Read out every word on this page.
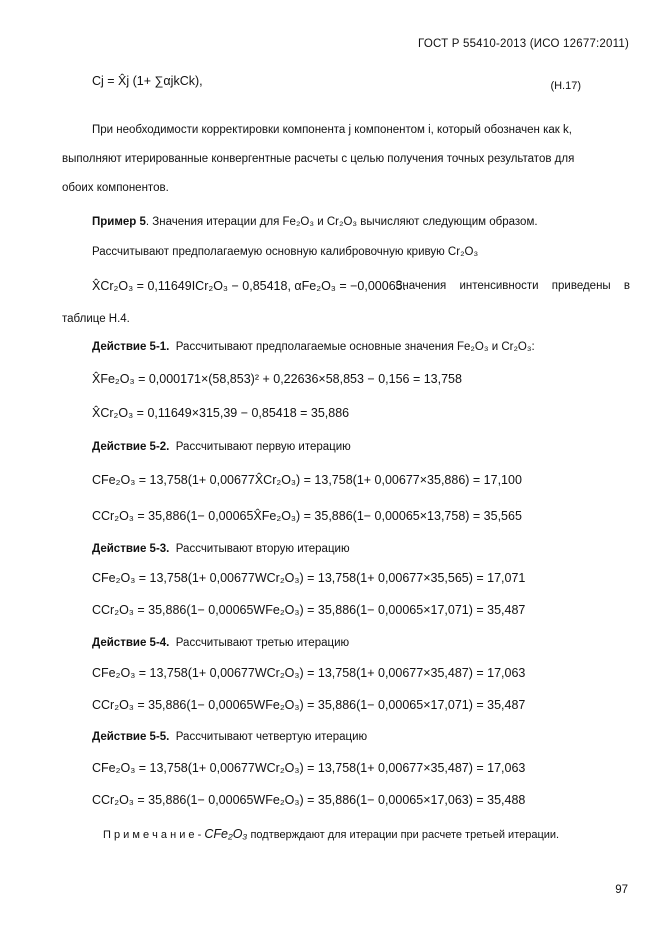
ГОСТ Р 55410-2013 (ИСО 12677:2011)
Cj = X̂j (1+ ∑αjkCk),	(Н.17)
При необходимости корректировки компонента j компонентом i, который обозначен как k,
выполняют итерированные конвергентные расчеты с целью получения точных результатов для
обоих компонентов.
Пример 5. Значения итерации для Fe₂O₃ и Cr₂O₃ вычисляют следующим образом.
Рассчитывают предполагаемую основную калибровочную кривую Cr₂O₃
X̂Cr₂O₃ = 0,11649ICr₂O₃ − 0,85418, αFe₂O₃ = −0,00065.
Значения интенсивности приведены в
таблице Н.4.
Действие 5-1. Рассчитывают предполагаемые основные значения Fe₂O₃ и Cr₂O₃:
X̂Fe₂O₃ = 0,000171×(58,853)² + 0,22636×58,853 − 0,156 = 13,758
X̂Cr₂O₃ = 0,11649×315,39 − 0,85418 = 35,886
Действие 5-2. Рассчитывают первую итерацию
CFe₂O₃ = 13,758(1+ 0,00677X̂Cr₂O₃) = 13,758(1+ 0,00677×35,886) = 17,100
CCr₂O₃ = 35,886(1− 0,00065X̂Fe₂O₃) = 35,886(1− 0,00065×13,758) = 35,565
Действие 5-3. Рассчитывают вторую итерацию
CFe₂O₃ = 13,758(1+ 0,00677WCr₂O₃) = 13,758(1+ 0,00677×35,565) = 17,071
CCr₂O₃ = 35,886(1− 0,00065WFe₂O₃) = 35,886(1− 0,00065×17,071) = 35,487
Действие 5-4. Рассчитывают третью итерацию
CFe₂O₃ = 13,758(1+ 0,00677WCr₂O₃) = 13,758(1+ 0,00677×35,487) = 17,063
CCr₂O₃ = 35,886(1− 0,00065WFe₂O₃) = 35,886(1− 0,00065×17,071) = 35,487
Действие 5-5. Рассчитывают четвертую итерацию
CFe₂O₃ = 13,758(1+ 0,00677WCr₂O₃) = 13,758(1+ 0,00677×35,487) = 17,063
CCr₂O₃ = 35,886(1− 0,00065WFe₂O₃) = 35,886(1− 0,00065×17,063) = 35,488
П р и м е ч а н и е - CFe₂O₃ подтверждают для итерации при расчете третьей итерации.
97
